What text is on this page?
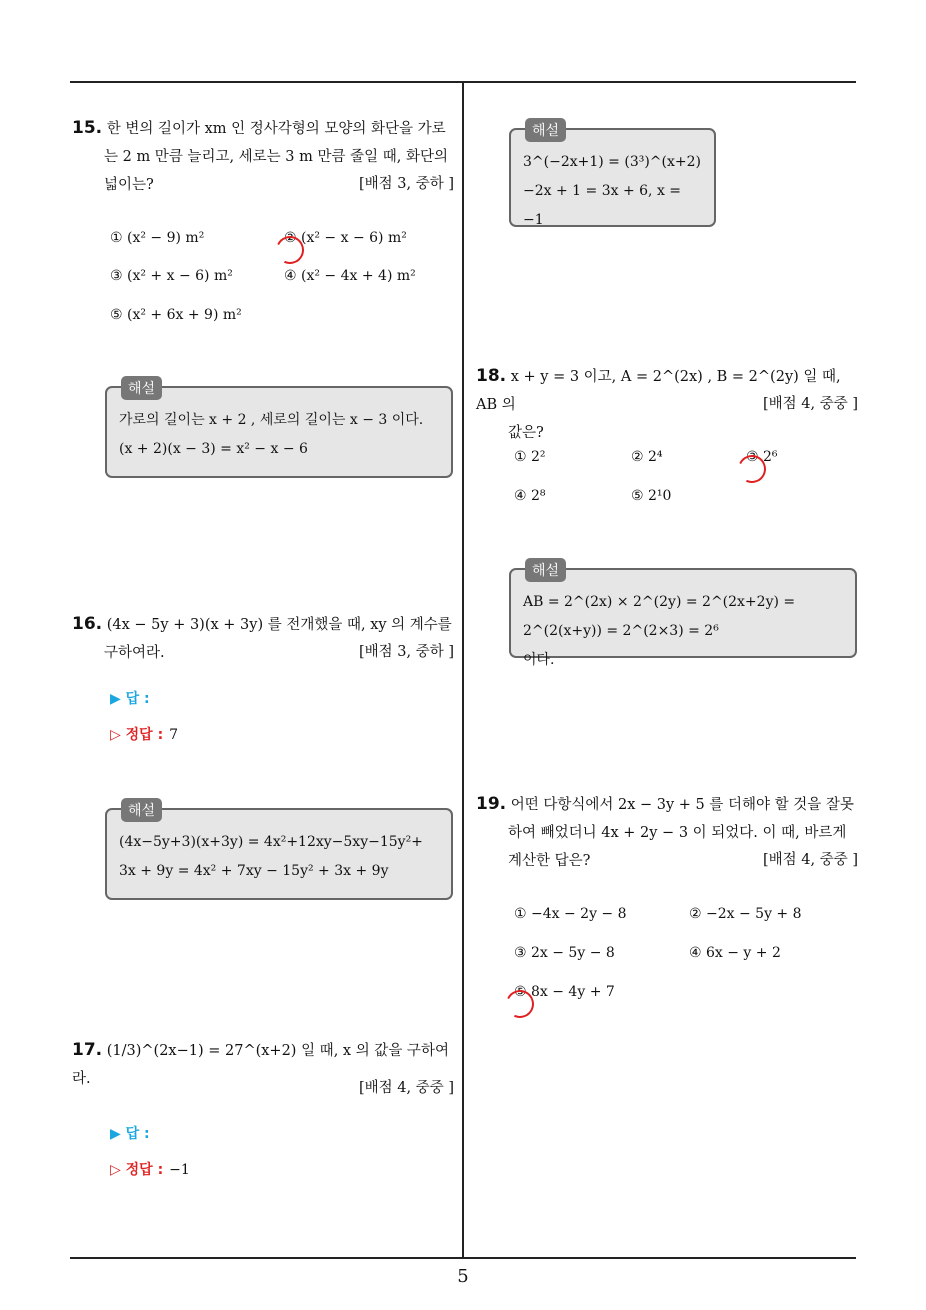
15. 한 변의 길이가 xm 인 정사각형의 모양의 화단을 가로
는 2 m 만큼 늘리고, 세로는 3 m 만큼 줄일 때, 화단의
넓이는?	[배점 3, 중하 ]
① (x² − 9) m²	② (x² − x − 6) m²
③ (x² + x − 6) m²	④ (x² − 4x + 4) m²
⑤ (x² + 6x + 9) m²
해설
가로의 길이는 x + 2 , 세로의 길이는 x − 3 이다.
(x + 2)(x − 3) = x² − x − 6
16. (4x − 5y + 3)(x + 3y) 를 전개했을 때, xy 의 계수를
구하여라.	[배점 3, 중하 ]
▶ 답 :
▷ 정답 : 7
해설
(4x−5y+3)(x+3y) = 4x²+12xy−5xy−15y²+
3x + 9y = 4x² + 7xy − 15y² + 3x + 9y
17. (1/3)^(2x−1) = 27^(x+2) 일 때, x 의 값을 구하여라.
[배점 4, 중중 ]
▶ 답 :
▷ 정답 : −1
해설
3^(−2x+1) = (3³)^(x+2)
−2x + 1 = 3x + 6, x = −1
18. x + y = 3 이고, A = 2^(2x) , B = 2^(2y) 일 때, AB 의
값은?
[배점 4, 중중 ]
① 2²	② 2⁴	③ 2⁶
④ 2⁸	⑤ 2¹0
해설
AB = 2^(2x) × 2^(2y) = 2^(2x+2y) = 2^(2(x+y)) = 2^(2×3) = 2⁶
이다.
19. 어떤 다항식에서 2x − 3y + 5 를 더해야 할 것을 잘못
하여 빼었더니 4x + 2y − 3 이 되었다. 이 때, 바르게
계산한 답은?	[배점 4, 중중 ]
① −4x − 2y − 8	② −2x − 5y + 8
③ 2x − 5y − 8	④ 6x − y + 2
⑤ 8x − 4y + 7
5
